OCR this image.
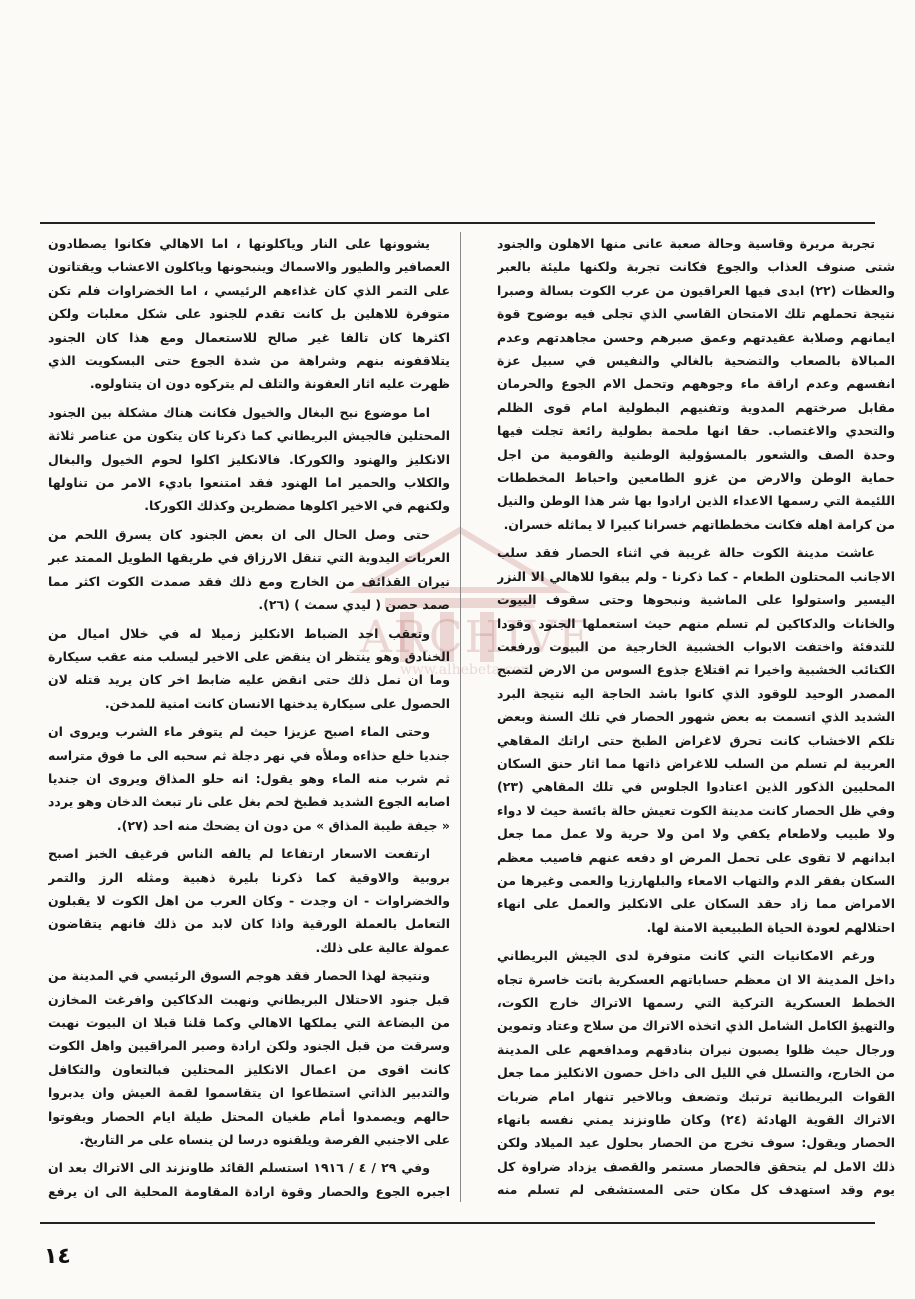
ARCHIVE
www.alhebeta.com

تجربة مريرة وقاسية وحالة صعبة عانى منها الاهلون والجنود شتى صنوف العذاب والجوع فكانت تجربة ولكنها مليئة بالعبر والعظات (٢٢) ابدى فيها العراقيون من عرب الكوت بسالة وصبرا نتيجة تحملهم تلك الامتحان القاسي الذي تجلى فيه بوضوح قوة ايمانهم وصلابة عقيدتهم وعمق صبرهم وحسن مجاهدتهم وعدم المبالاة بالصعاب والتضحية بالغالي والنفيس في سبيل عزة انفسهم وعدم اراقة ماء وجوههم وتحمل الام الجوع والحرمان مقابل صرختهم المدوية وتفنيهم البطولية امام قوى الظلم والتحدي والاغتصاب. حقا انها ملحمة بطولية رائعة تجلت فيها وحدة الصف والشعور بالمسؤولية الوطنية والقومية من اجل حماية الوطن والارض من غزو الطامعين واحباط المخططات اللئيمة التي رسمها الاعداء الذين ارادوا بها شر هذا الوطن والنيل من كرامة اهله فكانت مخططاتهم خسرانا كبيرا لا يماثله خسران.

عاشت مدينة الكوت حالة غريبة في اثناء الحصار فقد سلب الاجانب المحتلون الطعام - كما ذكرنا - ولم يبقوا للاهالي الا النزر اليسير واستولوا على الماشية ونبحوها وحتى سقوف البيوت والخانات والدكاكين لم تسلم منهم حيث استعملها الجنود وقودا للتدفئة واختفت الابواب الخشبية الخارجية من البيوت ورفعت الكتائب الخشبية واخيرا تم اقتلاع جذوع السوس من الارض لتصبح المصدر الوحيد للوقود الذي كانوا باشد الحاجة اليه نتيجة البرد الشديد الذي اتسمت به بعض شهور الحصار في تلك السنة وبعض تلكم الاخشاب كانت تحرق لاغراض الطبخ حتى اراتك المقاهي العربية لم تسلم من السلب للاغراض ذاتها مما اثار حنق السكان المحليين الذكور الذين اعتادوا الجلوس في تلك المقاهي (٢٣) وفي ظل الحصار كانت مدينة الكوت تعيش حالة بائسة حيث لا دواء ولا طبيب ولاطعام يكفي ولا امن ولا حرية ولا عمل مما جعل ابدانهم لا تقوى على تحمل المرض او دفعه عنهم فاصيب معظم السكان بفقر الدم والتهاب الامعاء والبلهارزيا والعمى وغيرها من الامراض مما زاد حقد السكان على الانكليز والعمل على انهاء احتلالهم لعودة الحياة الطبيعية الامنة لها.

ورغم الامكانيات التي كانت متوفرة لدى الجيش البريطاني داخل المدينة الا ان معظم حساباتهم العسكرية باتت خاسرة تجاه الخطط العسكرية التركية التي رسمها الاتراك خارج الكوت، والتهيؤ الكامل الشامل الذي اتخذه الاتراك من سلاح وعتاد وتموين ورجال حيث ظلوا يصبون نيران بنادقهم ومدافعهم على المدينة من الخارج، والتسلل في الليل الى داخل حصون الانكليز مما جعل القوات البريطانية ترتبك وتضعف وبالاخير تنهار امام ضربات الاتراك القوية الهادئة (٢٤) وكان طاونزند يمني نفسه بانهاء الحصار ويقول: سوف نخرج من الحصار بحلول عيد الميلاد ولكن ذلك الامل لم يتحقق فالحصار مستمر والقصف يزداد ضراوة كل يوم وقد استهدف كل مكان حتى المستشفى لم تسلم منه

يشوونها على النار وياكلونها ، اما الاهالي فكانوا يصطادون العصافير والطيور والاسماك وينبحونها وياكلون الاعشاب ويقتاتون على التمر الذي كان غذاءهم الرئيسي ، اما الخضراوات فلم تكن متوفرة للاهلين بل كانت تقدم للجنود على شكل معلبات ولكن اكثرها كان تالفا غير صالح للاستعمال ومع هذا كان الجنود يتلاقفونه بنهم وشراهة من شدة الجوع حتى البسكويت الذي ظهرت عليه اثار العفونة والتلف لم يتركوه دون ان يتناولوه.

اما موضوع نبح البغال والخيول فكانت هناك مشكلة بين الجنود المحتلين فالجيش البريطاني كما ذكرنا كان يتكون من عناصر ثلاثة الانكليز والهنود والكوركا. فالانكليز اكلوا لحوم الخيول والبغال والكلاب والحمير اما الهنود فقد امتنعوا باديء الامر من تناولها ولكنهم في الاخير اكلوها مضطرين وكذلك الكوركا.

حتى وصل الحال الى ان بعض الجنود كان يسرق اللحم من العربات اليدوية التي تنقل الارزاق في طريقها الطويل الممتد عبر نيران القذائف من الخارج ومع ذلك فقد صمدت الكوت اكثر مما صمد حصن ( ليدي سمث ) (٢٦).

وتعقب احد الضباط الانكليز زميلا له في خلال اميال من الخنادق وهو ينتظر ان ينقض على الاخير ليسلب منه عقب سيكارة وما ان نمل ذلك حتى انقض عليه ضابط اخر كان يريد قتله لان الحصول على سيكارة يدخنها الانسان كانت امنية للمدخن.

وحتى الماء اصبح عزيزا حيث لم يتوفر ماء الشرب ويروى ان جنديا خلع حذاءه وملأه في نهر دجلة ثم سحبه الى ما فوق متراسه ثم شرب منه الماء وهو يقول: انه حلو المذاق ويروى ان جنديا اصابه الجوع الشديد فطبخ لحم بغل على نار تبعث الدخان وهو يردد « جيفة طيبة المذاق » من دون ان يضحك منه احد (٢٧).

ارتفعت الاسعار ارتفاعا لم يالفه الناس فرغيف الخبز اصبح بروبية والاوقية كما ذكرنا بليرة ذهبية ومثله الرز والتمر والخضراوات - ان وجدت - وكان العرب من اهل الكوت لا يقبلون التعامل بالعملة الورقية واذا كان لابد من ذلك فانهم يتقاضون عمولة عالية على ذلك.

ونتيجة لهذا الحصار فقد هوجم السوق الرئيسي في المدينة من قبل جنود الاحتلال البريطاني ونهبت الدكاكين وافرغت المخازن من البضاعة التي يملكها الاهالي وكما قلنا قبلا ان البيوت نهبت وسرقت من قبل الجنود ولكن ارادة وصبر المراقيين واهل الكوت كانت اقوى من اعمال الانكليز المحتلين فبالتعاون والتكافل والتدبير الذاتي استطاعوا ان يتقاسموا لقمة العيش وان يدبروا حالهم ويصمدوا أمام طغيان المحتل طيلة ايام الحصار ويفوتوا على الاجنبي الفرصة ويلقنوه درسا لن ينساه على مر التاريخ.

وفي ٢٩ / ٤ / ١٩١٦ استسلم القائد طاونزند الى الاتراك بعد ان اجبره الجوع والحصار وقوة ارادة المقاومة المحلية الى ان يرفع

١٤
